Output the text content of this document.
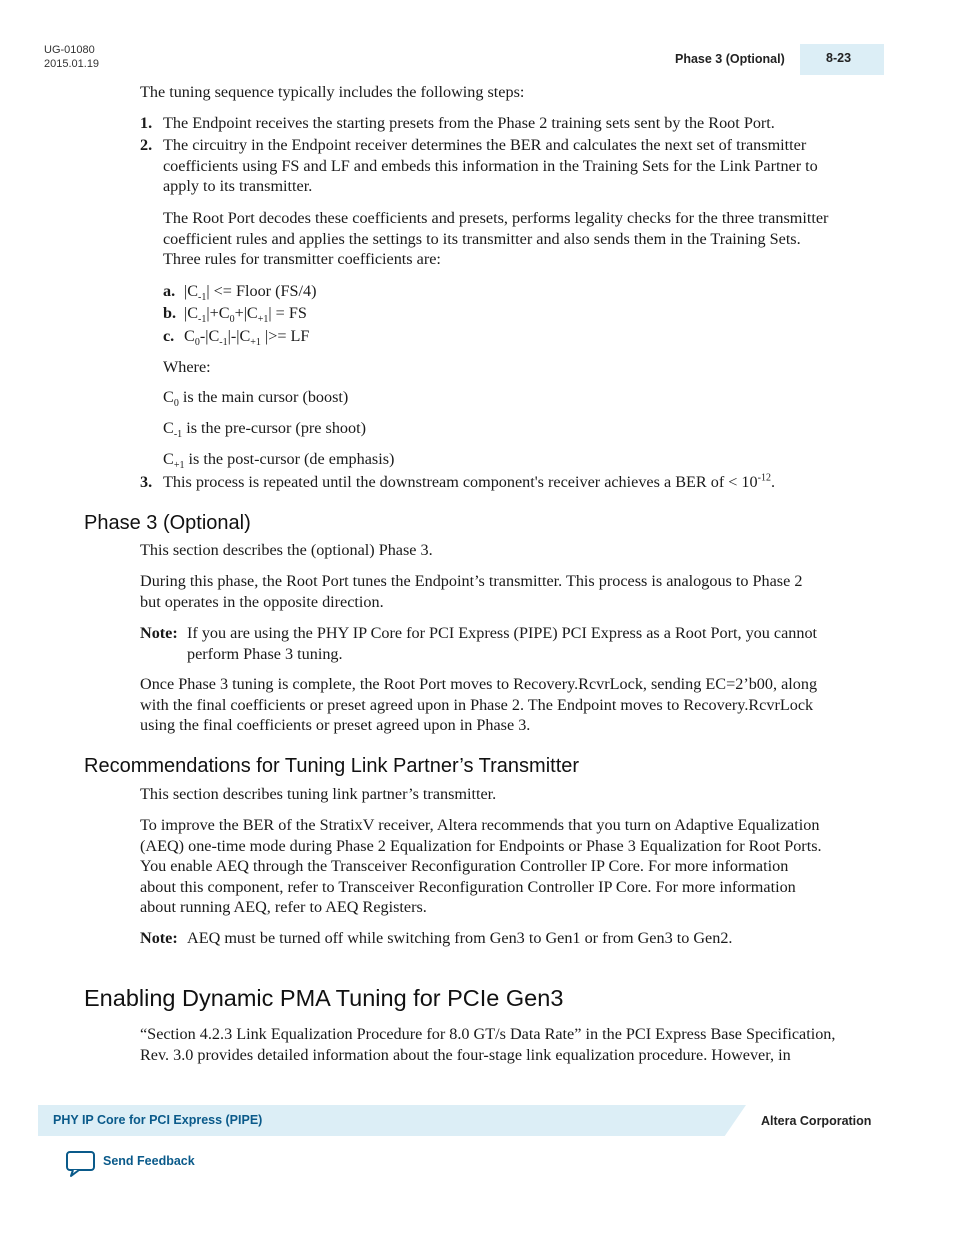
UG-01080
2015.01.19	Phase 3 (Optional)	8-23

The tuning sequence typically includes the following steps:

1. The Endpoint receives the starting presets from the Phase 2 training sets sent by the Root Port.

2. The circuitry in the Endpoint receiver determines the BER and calculates the next set of transmitter

coefficients using FS and LF and embeds this information in the Training Sets for the Link Partner to

apply to its transmitter.

The Root Port decodes these coefficients and presets, performs legality checks for the three transmitter

coefficient rules and applies the settings to its transmitter and also sends them in the Training Sets.

Three rules for transmitter coefficients are:

a. $|C_{-1}|$ <= Floor (FS/4)

b. $|C_{-1}|+C_0+|C_{+1}|$ = FS

c. $C_0-|C_{-1}|-|C_{+1}$ |>= LF

Where:

$C_0$ is the main cursor (boost)

$C_{-1}$ is the pre-cursor (pre shoot)

$C_{+1}$ is the post-cursor (de emphasis)

3. This process is repeated until the downstream component's receiver achieves a BER of < $10^{-12}$.

Phase 3 (Optional)

This section describes the (optional) Phase 3.

During this phase, the Root Port tunes the Endpoint’s transmitter. This process is analogous to Phase 2

but operates in the opposite direction.

Note: If you are using the PHY IP Core for PCI Express (PIPE) PCI Express as a Root Port, you cannot

perform Phase 3 tuning.

Once Phase 3 tuning is complete, the Root Port moves to Recovery.RcvrLock, sending EC=2’b00, along

with the final coefficients or preset agreed upon in Phase 2. The Endpoint moves to Recovery.RcvrLock

using the final coefficients or preset agreed upon in Phase 3.

Recommendations for Tuning Link Partner’s Transmitter

This section describes tuning link partner’s transmitter.

To improve the BER of the StratixV receiver, Altera recommends that you turn on Adaptive Equalization

(AEQ) one-time mode during Phase 2 Equalization for Endpoints or Phase 3 Equalization for Root Ports.

You enable AEQ through the Transceiver Reconfiguration Controller IP Core. For more information

about this component, refer to Transceiver Reconfiguration Controller IP Core. For more information

about running AEQ, refer to AEQ Registers.

Note: AEQ must be turned off while switching from Gen3 to Gen1 or from Gen3 to Gen2.

Enabling Dynamic PMA Tuning for PCIe Gen3

“Section 4.2.3 Link Equalization Procedure for 8.0 GT/s Data Rate” in the PCI Express Base Specification,

Rev. 3.0 provides detailed information about the four-stage link equalization procedure. However, in

PHY IP Core for PCI Express (PIPE)	Altera Corporation
Send Feedback
